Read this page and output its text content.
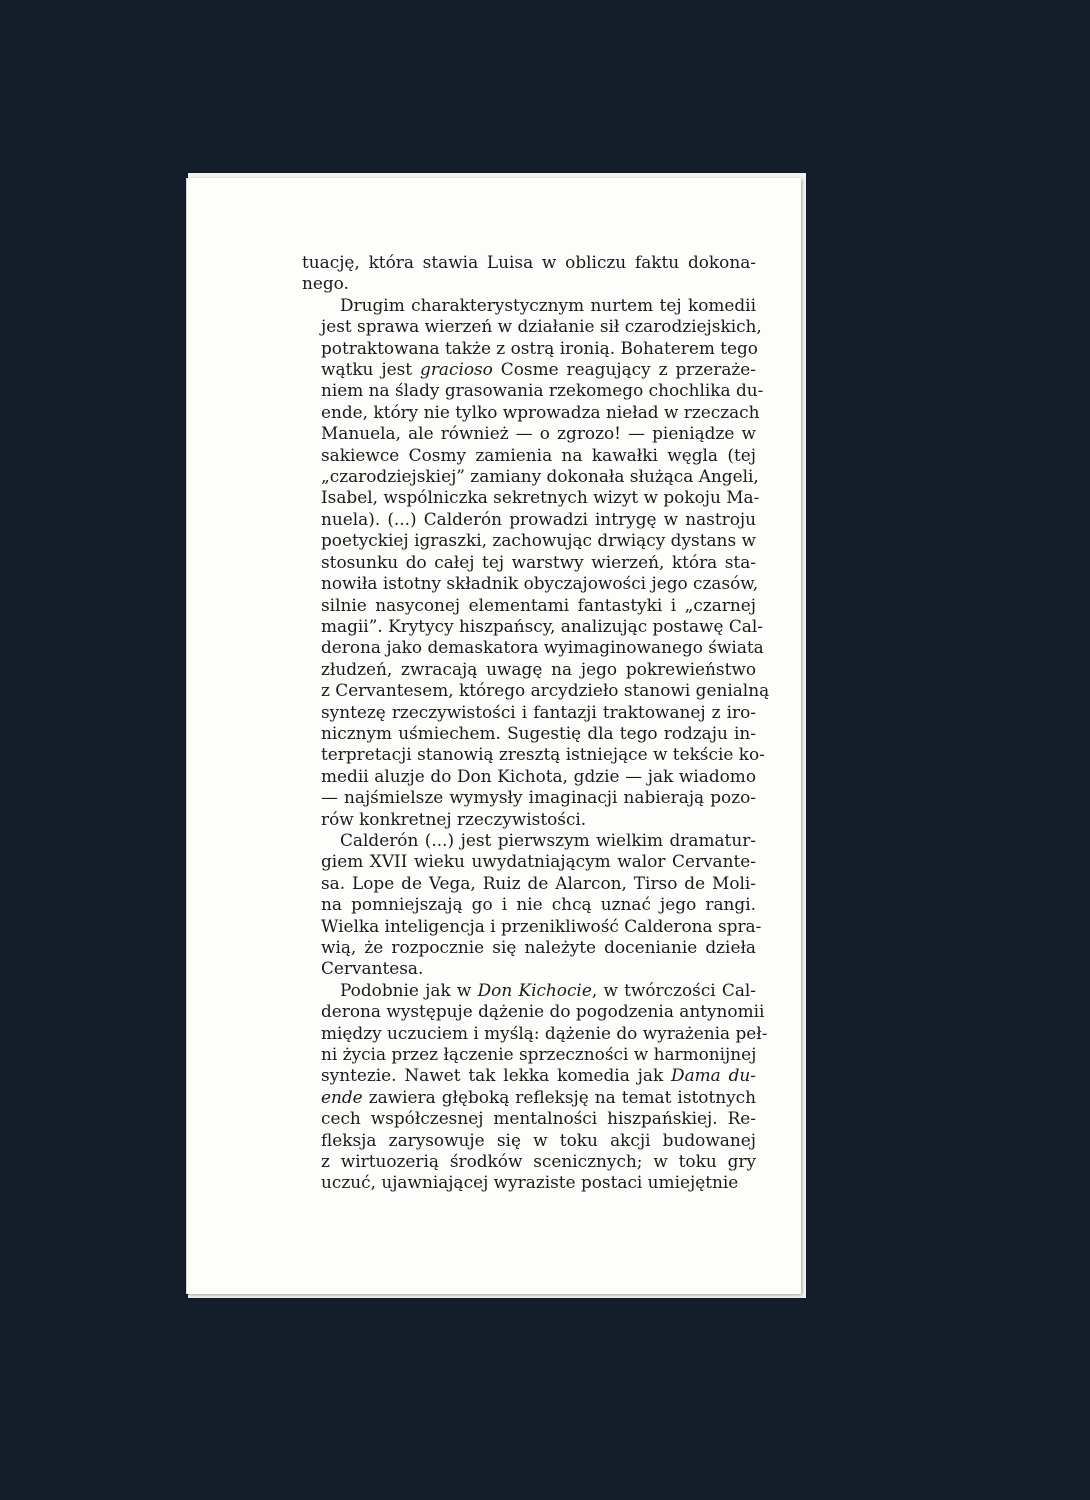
tuację, która stawia Luisa w obliczu faktu dokona-
nego.
Drugim charakterystycznym nurtem tej komedii
jest sprawa wierzeń w działanie sił czarodziejskich,
potraktowana także z ostrą ironią. Bohaterem tego
wątku jest gracioso Cosme reagujący z przeraże-
niem na ślady grasowania rzekomego chochlika du-
ende, który nie tylko wprowadza nieład w rzeczach
Manuela, ale również — o zgrozo! — pieniądze w
sakiewce Cosmy zamienia na kawałki węgla (tej
„czarodziejskiej” zamiany dokonała służąca Angeli,
Isabel, wspólniczka sekretnych wizyt w pokoju Ma-
nuela). (...) Calderón prowadzi intrygę w nastroju
poetyckiej igraszki, zachowując drwiący dystans w
stosunku do całej tej warstwy wierzeń, która sta-
nowiła istotny składnik obyczajowości jego czasów,
silnie nasyconej elementami fantastyki i „czarnej
magii”. Krytycy hiszpańscy, analizując postawę Cal-
derona jako demaskatora wyimaginowanego świata
złudzeń, zwracają uwagę na jego pokrewieństwo
z Cervantesem, którego arcydzieło stanowi genialną
syntezę rzeczywistości i fantazji traktowanej z iro-
nicznym uśmiechem. Sugestię dla tego rodzaju in-
terpretacji stanowią zresztą istniejące w tekście ko-
medii aluzje do Don Kichota, gdzie — jak wiadomo
— najśmielsze wymysły imaginacji nabierają pozo-
rów konkretnej rzeczywistości.
Calderón (...) jest pierwszym wielkim dramatur-
giem XVII wieku uwydatniającym walor Cervante-
sa. Lope de Vega, Ruiz de Alarcon, Tirso de Moli-
na pomniejszają go i nie chcą uznać jego rangi.
Wielka inteligencja i przenikliwość Calderona spra-
wią, że rozpocznie się należyte docenianie dzieła
Cervantesa.
Podobnie jak w Don Kichocie, w twórczości Cal-
derona występuje dążenie do pogodzenia antynomii
między uczuciem i myślą: dążenie do wyrażenia peł-
ni życia przez łączenie sprzeczności w harmonijnej
syntezie. Nawet tak lekka komedia jak Dama du-
ende zawiera głęboką refleksję na temat istotnych
cech współczesnej mentalności hiszpańskiej. Re-
fleksja zarysowuje się w toku akcji budowanej
z wirtuozerią środków scenicznych; w toku gry
uczuć, ujawniającej wyraziste postaci umiejętnie
